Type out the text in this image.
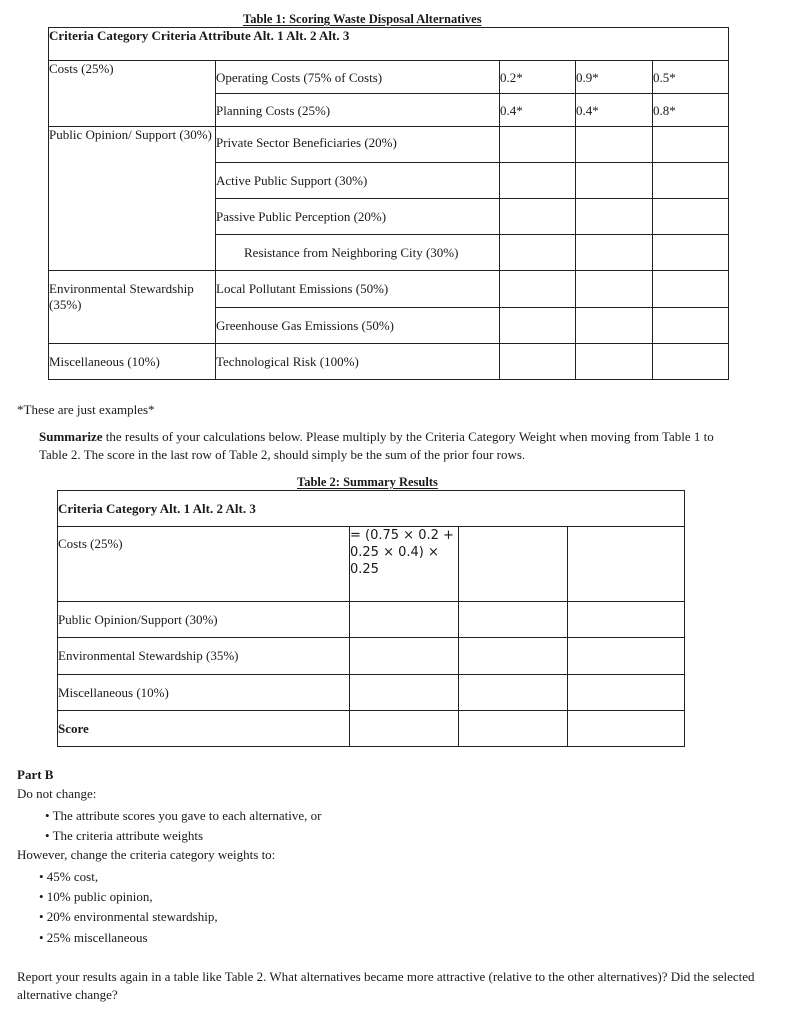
Table 1: Scoring Waste Disposal Alternatives
Criteria Category Criteria Attribute Alt. 1 Alt. 2 Alt. 3				
Costs (25%)	Operating Costs (75% of Costs)	0.2*	0.9*	0.5*
	Planning Costs (25%)	0.4*	0.4*	0.8*
Public Opinion/ Support (30%)	Private Sector Beneficiaries (20%)			
	Active Public Support (30%)			
	Passive Public Perception (20%)			
	Resistance from Neighboring City (30%)			
Environmental Stewardship (35%)	Local Pollutant Emissions (50%)			
	Greenhouse Gas Emissions (50%)			
Miscellaneous (10%)	Technological Risk (100%)			
*These are just examples*
Summarize the results of your calculations below. Please multiply by the Criteria Category Weight when moving from Table 1 to Table 2. The score in the last row of Table 2, should simply be the sum of the prior four rows.
Table 2: Summary Results
Criteria Category Alt. 1 Alt. 2 Alt. 3			
Costs (25%)	= (0.75 × 0.2 + 0.25 × 0.4) × 0.25		
Public Opinion/Support (30%)			
Environmental Stewardship (35%)			
Miscellaneous (10%)			
Score			
Part B
Do not change:
• The attribute scores you gave to each alternative, or
• The criteria attribute weights
However, change the criteria category weights to:
• 45% cost,
• 10% public opinion,
• 20% environmental stewardship,
• 25% miscellaneous
Report your results again in a table like Table 2. What alternatives became more attractive (relative to the other alternatives)? Did the selected alternative change?
